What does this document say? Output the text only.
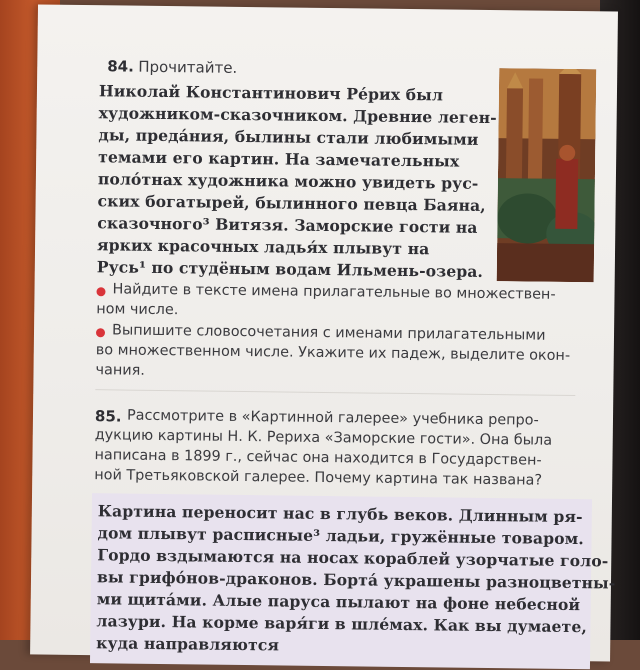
84. Прочитайте.
Николай Константинович Ре́рих был
художником-сказочником. Древние леген-
ды, преда́ния, былины стали любимыми
темами его картин. На замечательных
поло́тнах художника можно увидеть рус-
ских богатырей, былинного певца Баяна,
сказочного³ Витязя. Заморские гости на
ярких красочных ладья́х плывут на
Русь¹ по студёным водам Ильмень-озера.
Найдите в тексте имена прилагательные во множествен-
ном числе.
Выпишите словосочетания с именами прилагательными
во множественном числе. Укажите их падеж, выделите окон-
чания.
85. Рассмотрите в «Картинной галерее» учебника репро-
дукцию картины Н. К. Рериха «Заморские гости». Она была
написана в 1899 г., сейчас она находится в Государствен-
ной Третьяковской галерее. Почему картина так названа?
Картина переносит нас в глубь веков. Длинным ря-
дом плывут расписные³ ладьи, гружённые товаром.
Гордо вздымаются на носах кораблей узорчатые голо-
вы грифо́нов-драконов. Борта́ украшены разноцветны-
ми щита́ми. Алые паруса пылают на фоне небесной
лазури. На корме варя́ги в шле́мах. Как вы думаете,
куда направляются
